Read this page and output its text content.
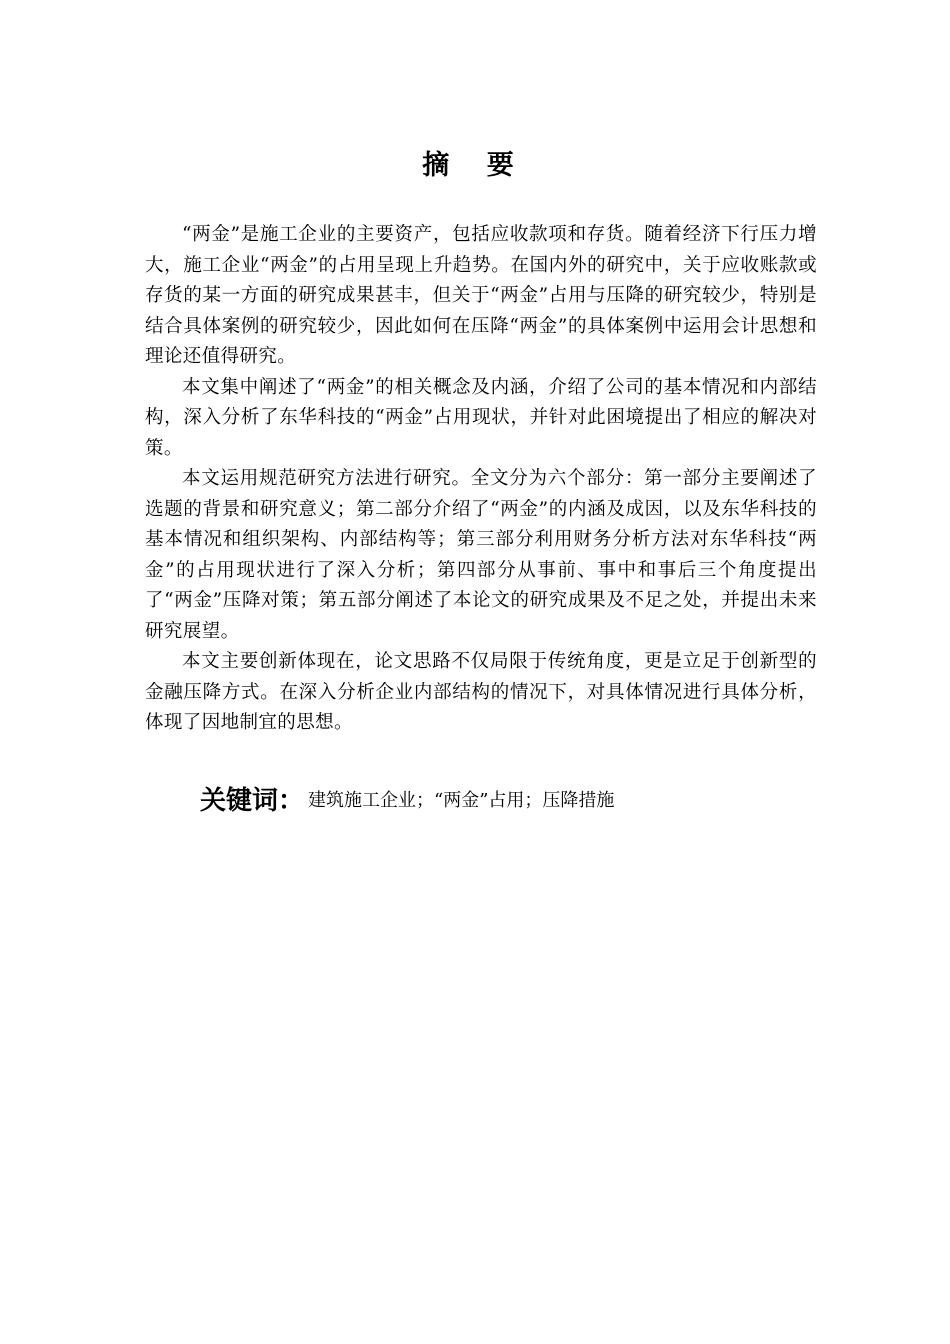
摘 要

“两金”是施工企业的主要资产，包括应收款项和存货。随着经济下行压力增大，施工企业“两金”的占用呈现上升趋势。在国内外的研究中，关于应收账款或存货的某一方面的研究成果甚丰，但关于“两金”占用与压降的研究较少，特别是结合具体案例的研究较少，因此如何在压降“两金”的具体案例中运用会计思想和理论还值得研究。

本文集中阐述了“两金”的相关概念及内涵，介绍了公司的基本情况和内部结构，深入分析了东华科技的“两金”占用现状，并针对此困境提出了相应的解决对策。

本文运用规范研究方法进行研究。全文分为六个部分：第一部分主要阐述了选题的背景和研究意义；第二部分介绍了“两金”的内涵及成因，以及东华科技的基本情况和组织架构、内部结构等；第三部分利用财务分析方法对东华科技“两金”的占用现状进行了深入分析；第四部分从事前、事中和事后三个角度提出了“两金”压降对策；第五部分阐述了本论文的研究成果及不足之处，并提出未来研究展望。

本文主要创新体现在，论文思路不仅局限于传统角度，更是立足于创新型的金融压降方式。在深入分析企业内部结构的情况下，对具体情况进行具体分析，体现了因地制宜的思想。

关键词： 建筑施工企业；“两金”占用；压降措施
